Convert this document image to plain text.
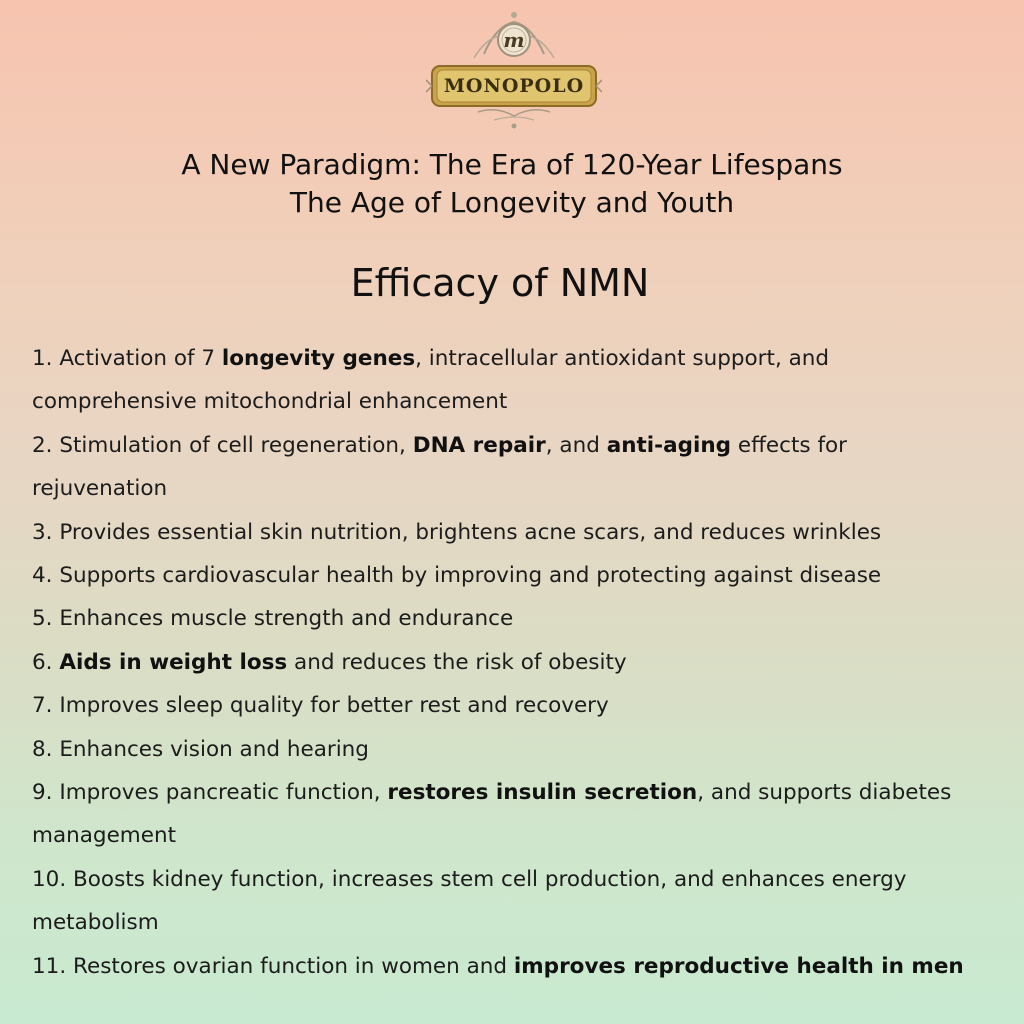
m
MONOPOLO
A New Paradigm: The Era of 120-Year Lifespans
The Age of Longevity and Youth
Efficacy of NMN
1. Activation of 7 longevity genes, intracellular antioxidant support, and
comprehensive mitochondrial enhancement
2. Stimulation of cell regeneration, DNA repair, and anti-aging effects for
rejuvenation
3. Provides essential skin nutrition, brightens acne scars, and reduces wrinkles
4. Supports cardiovascular health by improving and protecting against disease
5. Enhances muscle strength and endurance
6. Aids in weight loss and reduces the risk of obesity
7. Improves sleep quality for better rest and recovery
8. Enhances vision and hearing
9. Improves pancreatic function, restores insulin secretion, and supports diabetes
management
10. Boosts kidney function, increases stem cell production, and enhances energy
metabolism
11. Restores ovarian function in women and improves reproductive health in men
